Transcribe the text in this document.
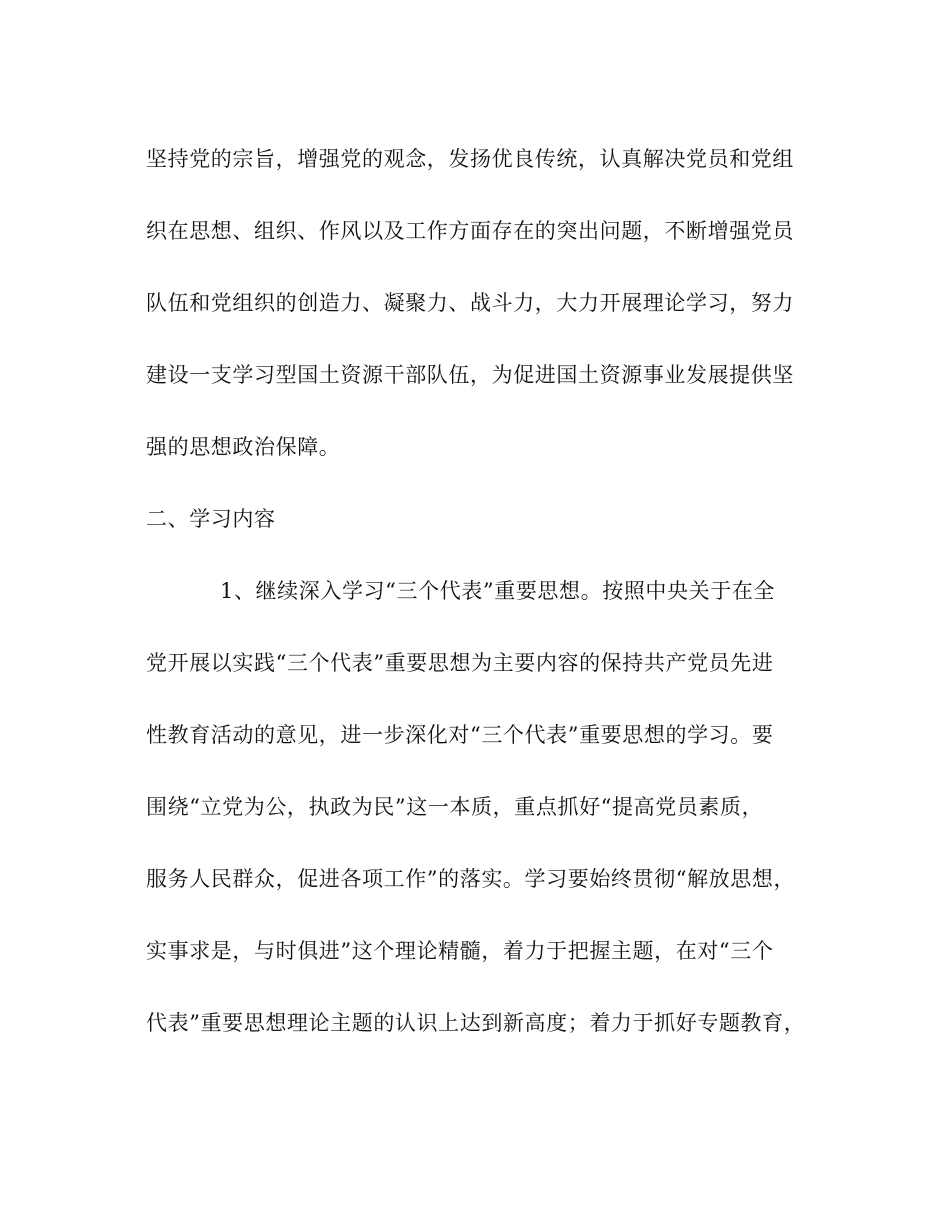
坚持党的宗旨，增强党的观念，发扬优良传统，认真解决党员和党组
织在思想、组织、作风以及工作方面存在的突出问题，不断增强党员
队伍和党组织的创造力、凝聚力、战斗力，大力开展理论学习，努力
建设一支学习型国土资源干部队伍，为促进国土资源事业发展提供坚
强的思想政治保障。
二、学习内容
1、继续深入学习“三个代表”重要思想。按照中央关于在全
党开展以实践“三个代表”重要思想为主要内容的保持共产党员先进
性教育活动的意见，进一步深化对“三个代表”重要思想的学习。要
围绕“立党为公，执政为民”这一本质，重点抓好“提高党员素质，
服务人民群众，促进各项工作”的落实。学习要始终贯彻“解放思想，
实事求是，与时俱进”这个理论精髓，着力于把握主题，在对“三个
代表”重要思想理论主题的认识上达到新高度；着力于抓好专题教育，
